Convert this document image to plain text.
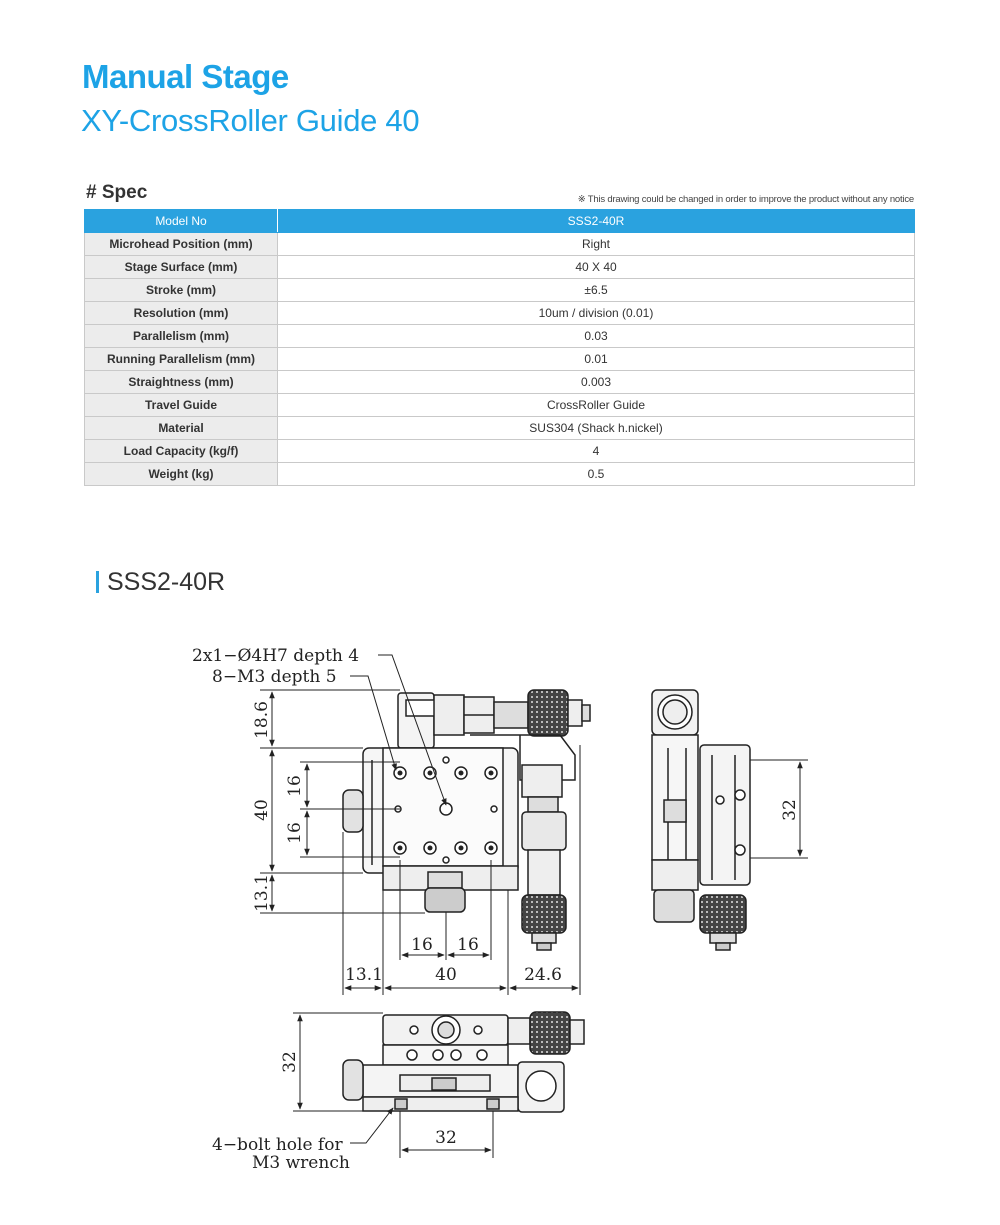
Manual Stage
XY-CrossRoller Guide 40
# Spec	※ This drawing could be changed in order to improve the product without any notice
Model No	SSS2-40R
Microhead Position (mm)	Right
Stage Surface (mm)	40 X 40
Stroke (mm)	±6.5
Resolution (mm)	10um / division (0.01)
Parallelism (mm)	0.03
Running Parallelism (mm)	0.01
Straightness (mm)	0.003
Travel Guide	CrossRoller Guide
Material	SUS304 (Shack h.nickel)
Load Capacity (kg/f)	4
Weight (kg)	0.5
SSS2-40R
2x1−Ø4H7 depth 4
8−M3 depth 5
18.6
40
13.1
16
16
16 16
13.1	40	24.6
32
32
32
4−bolt hole for
M3 wrench
